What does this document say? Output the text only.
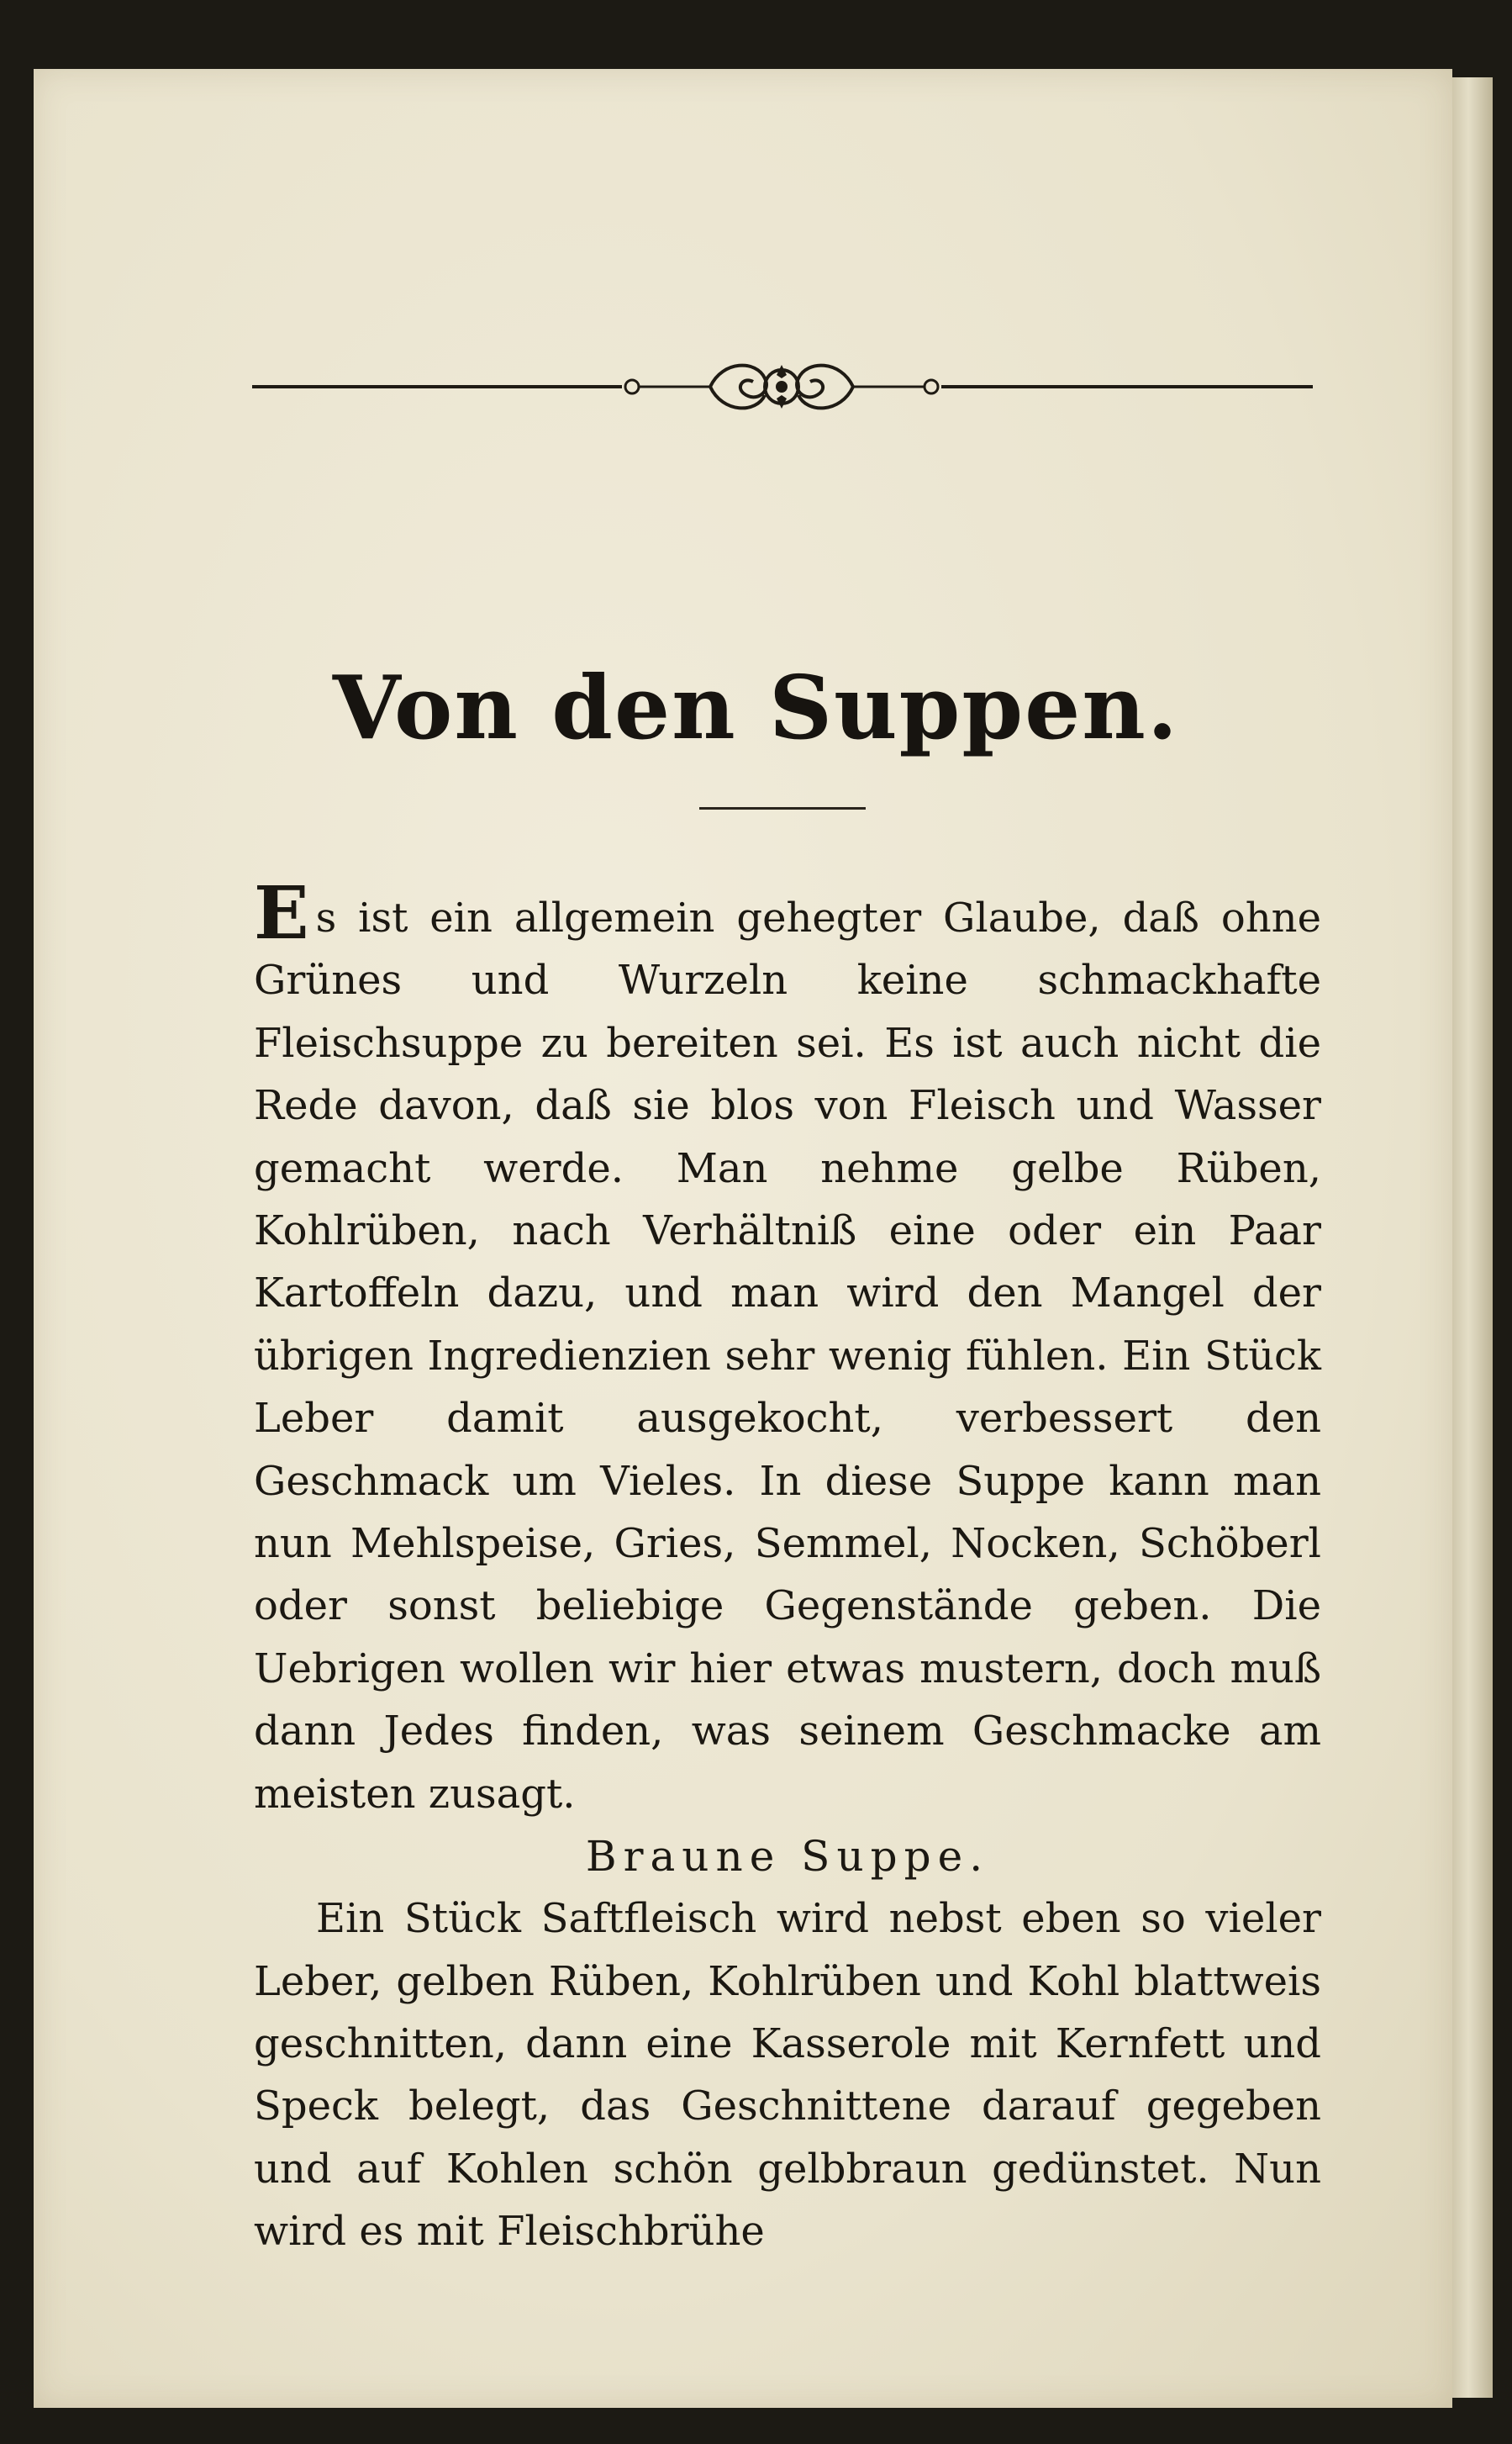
Von den Suppen.

Es ist ein allgemein gehegter Glaube, daß ohne Grünes und Wurzeln keine schmackhafte Fleischsuppe zu bereiten sei. Es ist auch nicht die Rede davon, daß sie blos von Fleisch und Wasser gemacht werde. Man nehme gelbe Rüben, Kohlrüben, nach Verhältniß eine oder ein Paar Kartoffeln dazu, und man wird den Mangel der übrigen Ingredienzien sehr wenig fühlen. Ein Stück Leber damit ausgekocht, verbessert den Geschmack um Vieles. In diese Suppe kann man nun Mehlspeise, Gries, Semmel, Nocken, Schöberl oder sonst beliebige Gegenstände geben. Die Uebrigen wollen wir hier etwas mustern, doch muß dann Jedes finden, was seinem Geschmacke am meisten zusagt.

Braune Suppe.

Ein Stück Saftfleisch wird nebst eben so vieler Leber, gelben Rüben, Kohlrüben und Kohl blattweis geschnitten, dann eine Kasserole mit Kernfett und Speck belegt, das Geschnittene darauf gegeben und auf Kohlen schön gelbbraun gedünstet. Nun wird es mit Fleischbrühe
